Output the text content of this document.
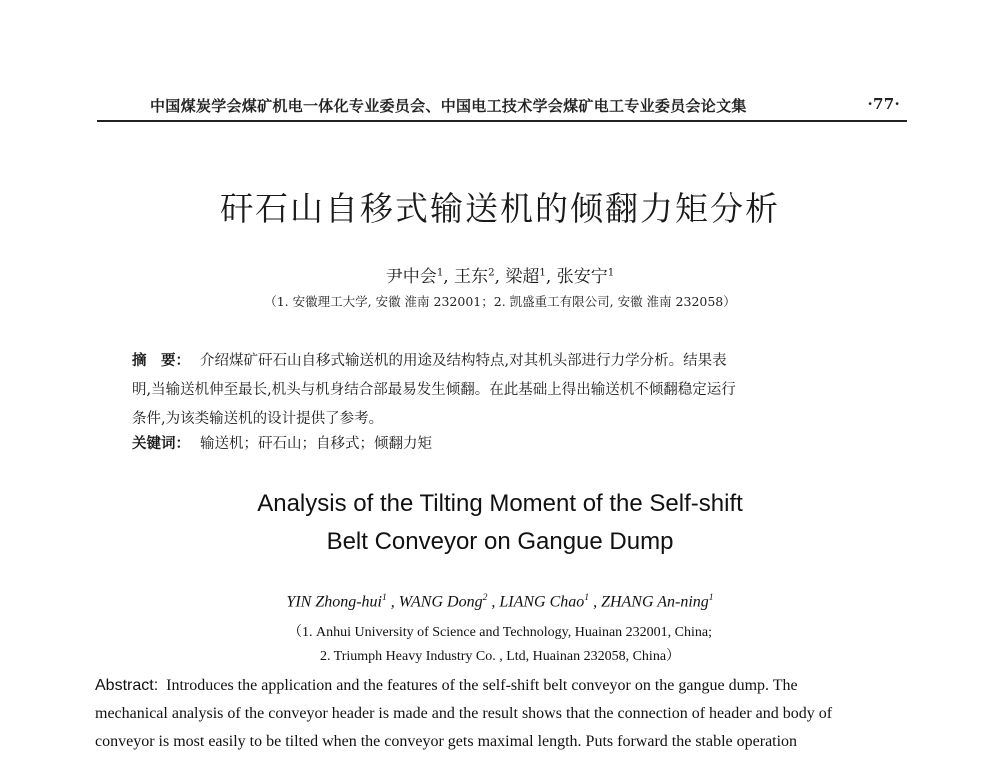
中国煤炭学会煤矿机电一体化专业委员会、中国电工技术学会煤矿电工专业委员会论文集	·77·
矸石山自移式输送机的倾翻力矩分析
尹中会$^1$, 王东$^2$, 梁超$^1$, 张安宁$^1$
（1. 安徽理工大学, 安徽 淮南 232001；2. 凯盛重工有限公司, 安徽 淮南 232058）
摘　要： 介绍煤矿矸石山自移式输送机的用途及结构特点,对其机头部进行力学分析。结果表
明,当输送机伸至最长,机头与机身结合部最易发生倾翻。在此基础上得出输送机不倾翻稳定运行
条件,为该类输送机的设计提供了参考。
关键词： 输送机；矸石山；自移式；倾翻力矩
Analysis of the Tilting Moment of the Self-shift
Belt Conveyor on Gangue Dump
YIN Zhong-hui$^1$ , WANG Dong$^2$ , LIANG Chao$^1$ , ZHANG An-ning$^1$
（1. Anhui University of Science and Technology, Huainan 232001, China;
2. Triumph Heavy Industry Co. , Ltd, Huainan 232058, China）
Abstract: Introduces the application and the features of the self-shift belt conveyor on the gangue dump. The
mechanical analysis of the conveyor header is made and the result shows that the connection of header and body of
conveyor is most easily to be tilted when the conveyor gets maximal length. Puts forward the stable operation
